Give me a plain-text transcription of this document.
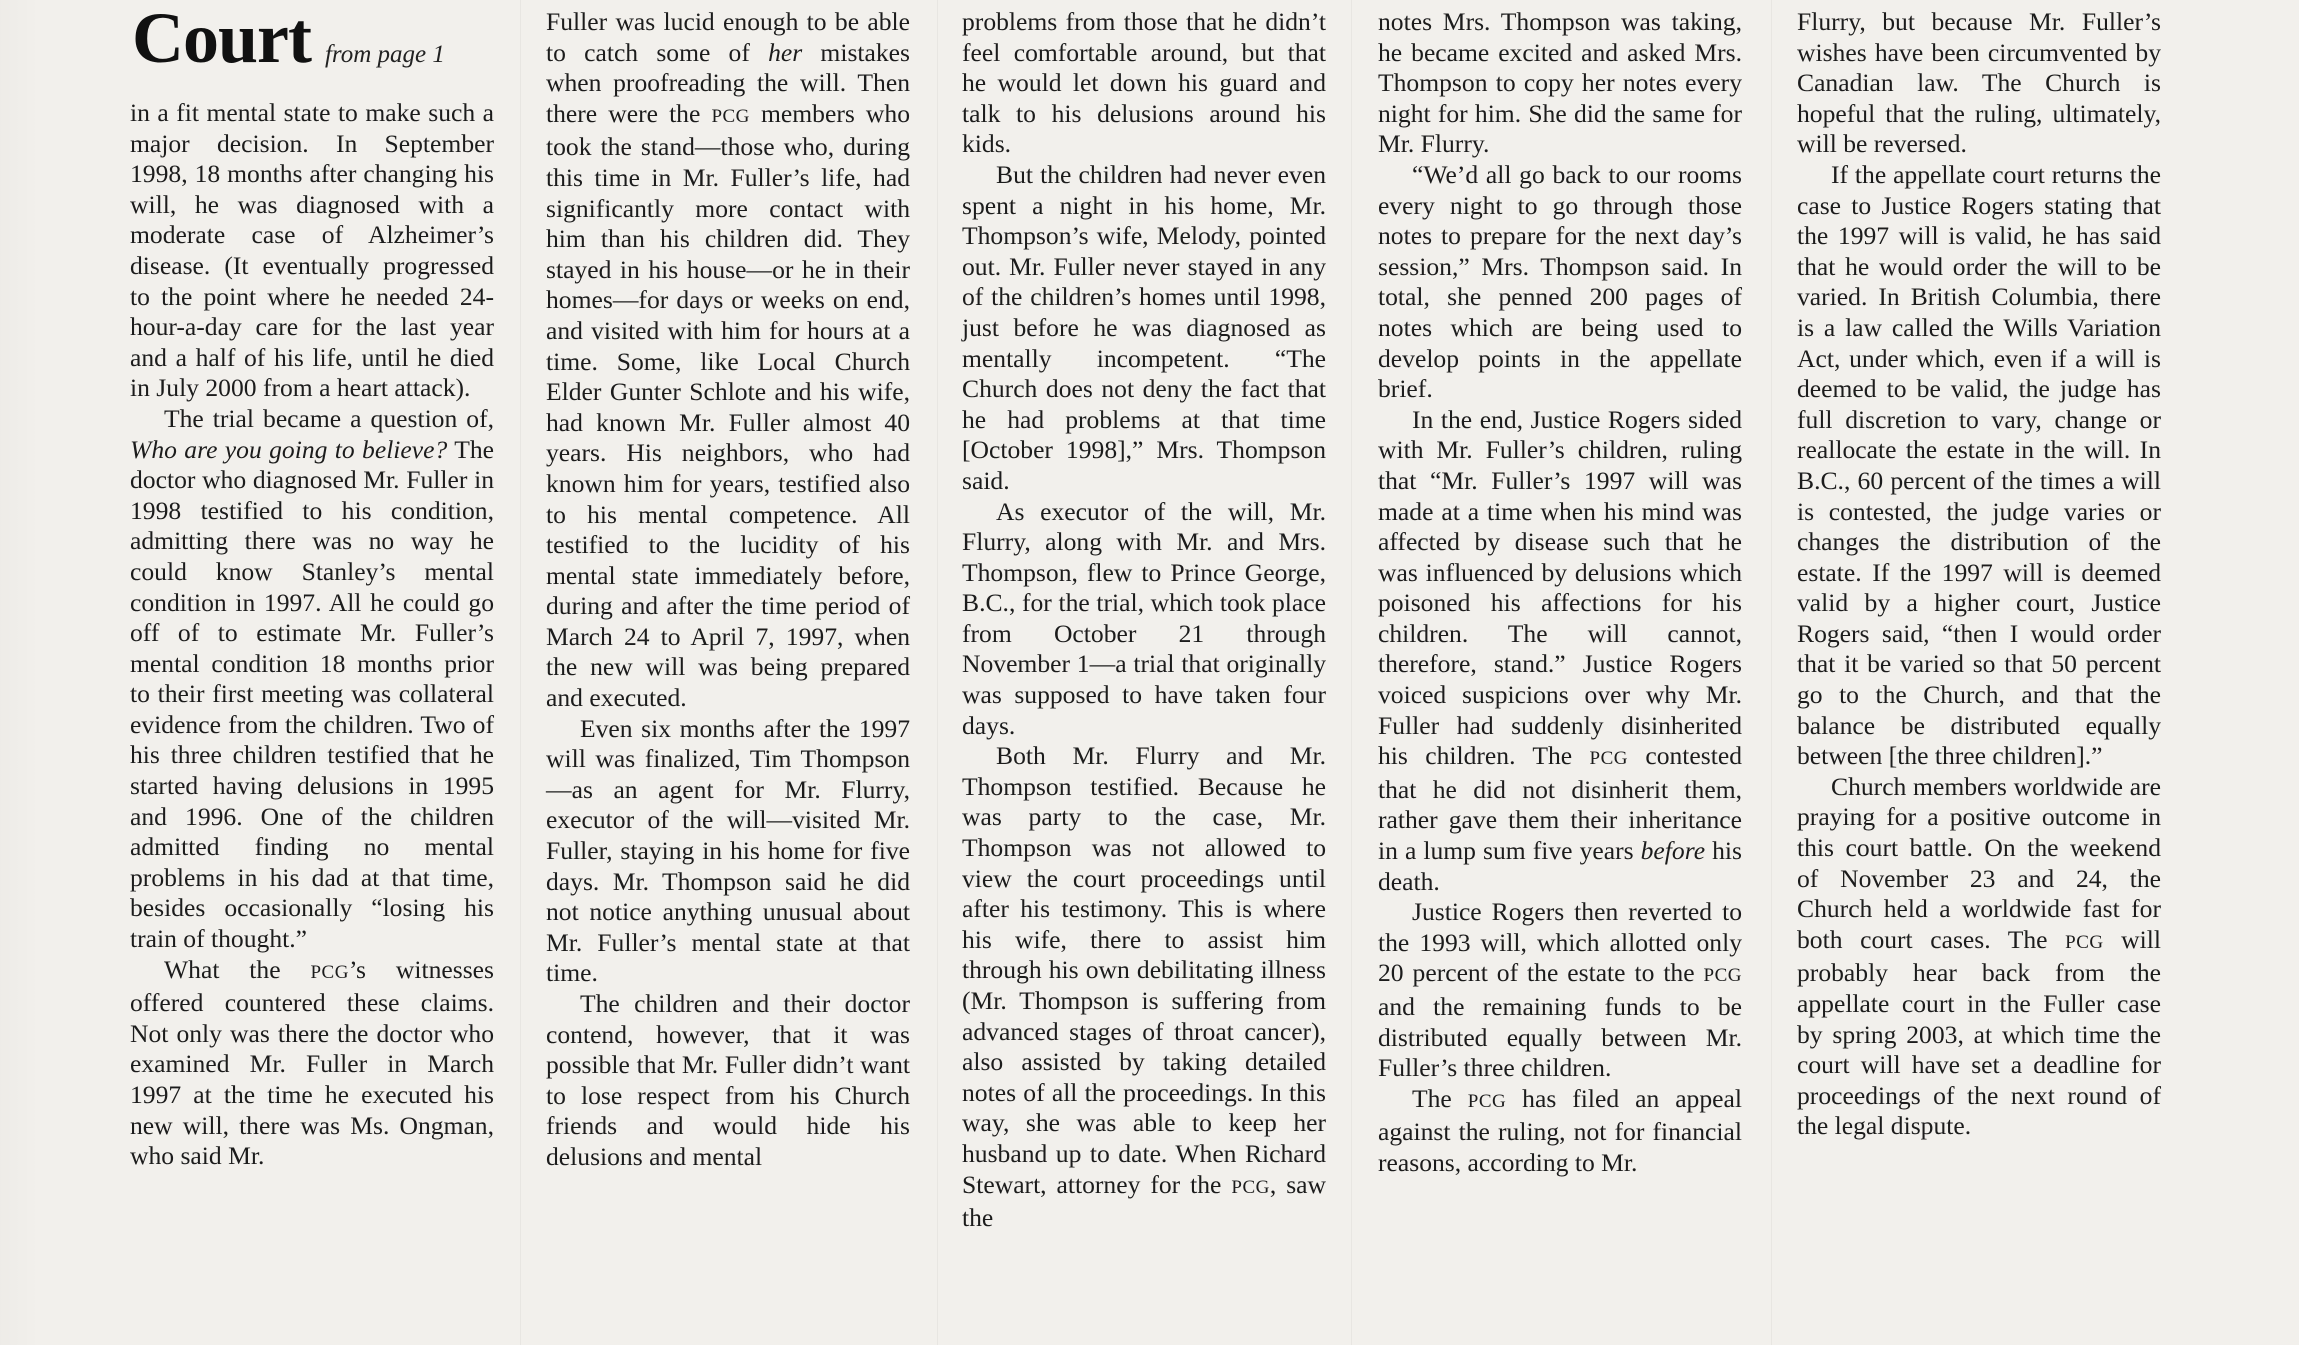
Court from page 1

in a fit mental state to make such a major decision. In September 1998, 18 months after changing his will, he was diagnosed with a moderate case of Alzheimer’s disease. (It eventually progressed to the point where he needed 24-hour-a-day care for the last year and a half of his life, until he died in July 2000 from a heart attack).

The trial became a question of, Who are you going to believe? The doctor who diagnosed Mr. Fuller in 1998 testified to his condition, admitting there was no way he could know Stanley’s mental condition in 1997. All he could go off of to estimate Mr. Fuller’s mental condition 18 months prior to their first meeting was collateral evidence from the children. Two of his three children testified that he started having delusions in 1995 and 1996. One of the children admitted finding no mental problems in his dad at that time, besides occasionally “losing his train of thought.”

What the PCG’s witnesses offered countered these claims. Not only was there the doctor who examined Mr. Fuller in March 1997 at the time he executed his new will, there was Ms. Ongman, who said Mr.

Fuller was lucid enough to be able to catch some of her mistakes when proofreading the will. Then there were the PCG members who took the stand—those who, during this time in Mr. Fuller’s life, had significantly more contact with him than his children did. They stayed in his house—or he in their homes—for days or weeks on end, and visited with him for hours at a time. Some, like Local Church Elder Gunter Schlote and his wife, had known Mr. Fuller almost 40 years. His neighbors, who had known him for years, testified also to his mental competence. All testified to the lucidity of his mental state immediately before, during and after the time period of March 24 to April 7, 1997, when the new will was being prepared and executed.

Even six months after the 1997 will was finalized, Tim Thompson—as an agent for Mr. Flurry, executor of the will—visited Mr. Fuller, staying in his home for five days. Mr. Thompson said he did not notice anything unusual about Mr. Fuller’s mental state at that time.

The children and their doctor contend, however, that it was possible that Mr. Fuller didn’t want to lose respect from his Church friends and would hide his delusions and mental

problems from those that he didn’t feel comfortable around, but that he would let down his guard and talk to his delusions around his kids.

But the children had never even spent a night in his home, Mr. Thompson’s wife, Melody, pointed out. Mr. Fuller never stayed in any of the children’s homes until 1998, just before he was diagnosed as mentally incompetent. “The Church does not deny the fact that he had problems at that time [October 1998],” Mrs. Thompson said.

As executor of the will, Mr. Flurry, along with Mr. and Mrs. Thompson, flew to Prince George, B.C., for the trial, which took place from October 21 through November 1—a trial that originally was supposed to have taken four days.

Both Mr. Flurry and Mr. Thompson testified. Because he was party to the case, Mr. Thompson was not allowed to view the court proceedings until after his testimony. This is where his wife, there to assist him through his own debilitating illness (Mr. Thompson is suffering from advanced stages of throat cancer), also assisted by taking detailed notes of all the proceedings. In this way, she was able to keep her husband up to date. When Richard Stewart, attorney for the PCG, saw the

notes Mrs. Thompson was taking, he became excited and asked Mrs. Thompson to copy her notes every night for him. She did the same for Mr. Flurry.

“We’d all go back to our rooms every night to go through those notes to prepare for the next day’s session,” Mrs. Thompson said. In total, she penned 200 pages of notes which are being used to develop points in the appellate brief.

In the end, Justice Rogers sided with Mr. Fuller’s children, ruling that “Mr. Fuller’s 1997 will was made at a time when his mind was affected by disease such that he was influenced by delusions which poisoned his affections for his children. The will cannot, therefore, stand.” Justice Rogers voiced suspicions over why Mr. Fuller had suddenly disinherited his children. The PCG contested that he did not disinherit them, rather gave them their inheritance in a lump sum five years before his death.

Justice Rogers then reverted to the 1993 will, which allotted only 20 percent of the estate to the PCG and the remaining funds to be distributed equally between Mr. Fuller’s three children.

The PCG has filed an appeal against the ruling, not for financial reasons, according to Mr.

Flurry, but because Mr. Fuller’s wishes have been circumvented by Canadian law. The Church is hopeful that the ruling, ultimately, will be reversed.

If the appellate court returns the case to Justice Rogers stating that the 1997 will is valid, he has said that he would order the will to be varied. In British Columbia, there is a law called the Wills Variation Act, under which, even if a will is deemed to be valid, the judge has full discretion to vary, change or reallocate the estate in the will. In B.C., 60 percent of the times a will is contested, the judge varies or changes the distribution of the estate. If the 1997 will is deemed valid by a higher court, Justice Rogers said, “then I would order that it be varied so that 50 percent go to the Church, and that the balance be distributed equally between [the three children].”

Church members worldwide are praying for a positive outcome in this court battle. On the weekend of November 23 and 24, the Church held a worldwide fast for both court cases. The PCG will probably hear back from the appellate court in the Fuller case by spring 2003, at which time the court will have set a deadline for proceedings of the next round of the legal dispute.
